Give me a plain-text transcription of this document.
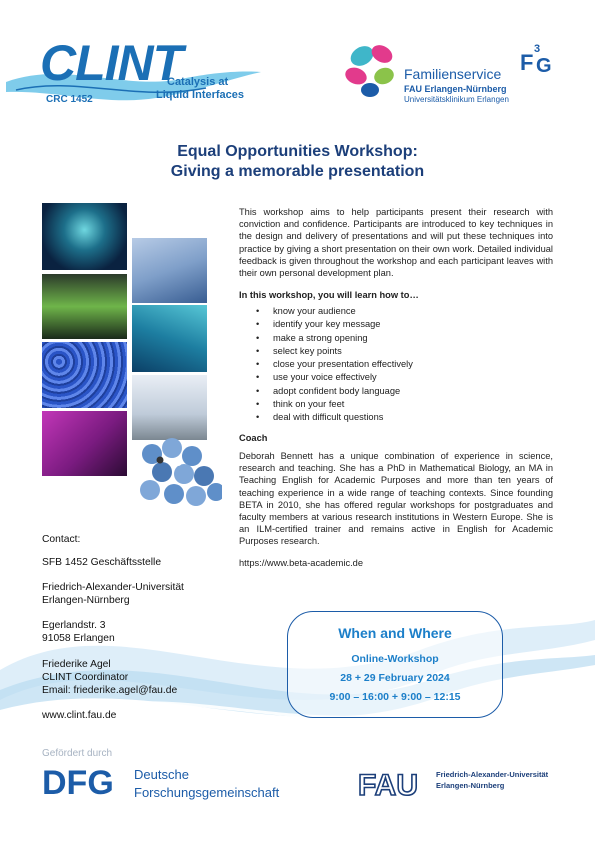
CLINT
CRC 1452
Catalysis at
Liquid Interfaces
Familienservice
FAU Erlangen-Nürnberg
Universitätsklinikum Erlangen
F
3
G
Equal Opportunities Workshop:
Giving a memorable presentation
This workshop aims to help participants present their research with conviction and confidence. Participants are introduced to key techniques in the design and delivery of presentations and will put these techniques into practice by giving a short presentation on their own work. Detailed individual feedback is given throughout the workshop and each participant leaves with their own personal development plan.
In this workshop, you will learn how to…
• know your audience
• identify your key message
• make a strong opening
• select key points
• close your presentation effectively
• use your voice effectively
• adopt confident body language
• think on your feet
• deal with difficult questions
Coach
Deborah Bennett has a unique combination of experience in science, research and teaching. She has a PhD in Mathematical Biology, an MA in Teaching English for Academic Purposes and more than ten years of teaching experience in a wide range of teaching contexts. Since founding BETA in 2010, she has offered regular workshops for postgraduates and faculty members at various research institutions in Western Europe. She is an ILM-certified trainer and remains active in English for Academic Purposes research.
https://www.beta-academic.de
Contact:
SFB 1452 Geschäftsstelle
Friedrich-Alexander-Universität
Erlangen-Nürnberg
Egerlandstr. 3
91058 Erlangen
Friederike Agel
CLINT Coordinator
Email: friederike.agel@fau.de
www.clint.fau.de
When and Where
Online-Workshop
28 + 29 February 2024
9:00 – 16:00 + 9:00 – 12:15
Gefördert durch
DFG Deutsche
Forschungsgemeinschaft	FAU Friedrich-Alexander-Universität
Erlangen-Nürnberg
